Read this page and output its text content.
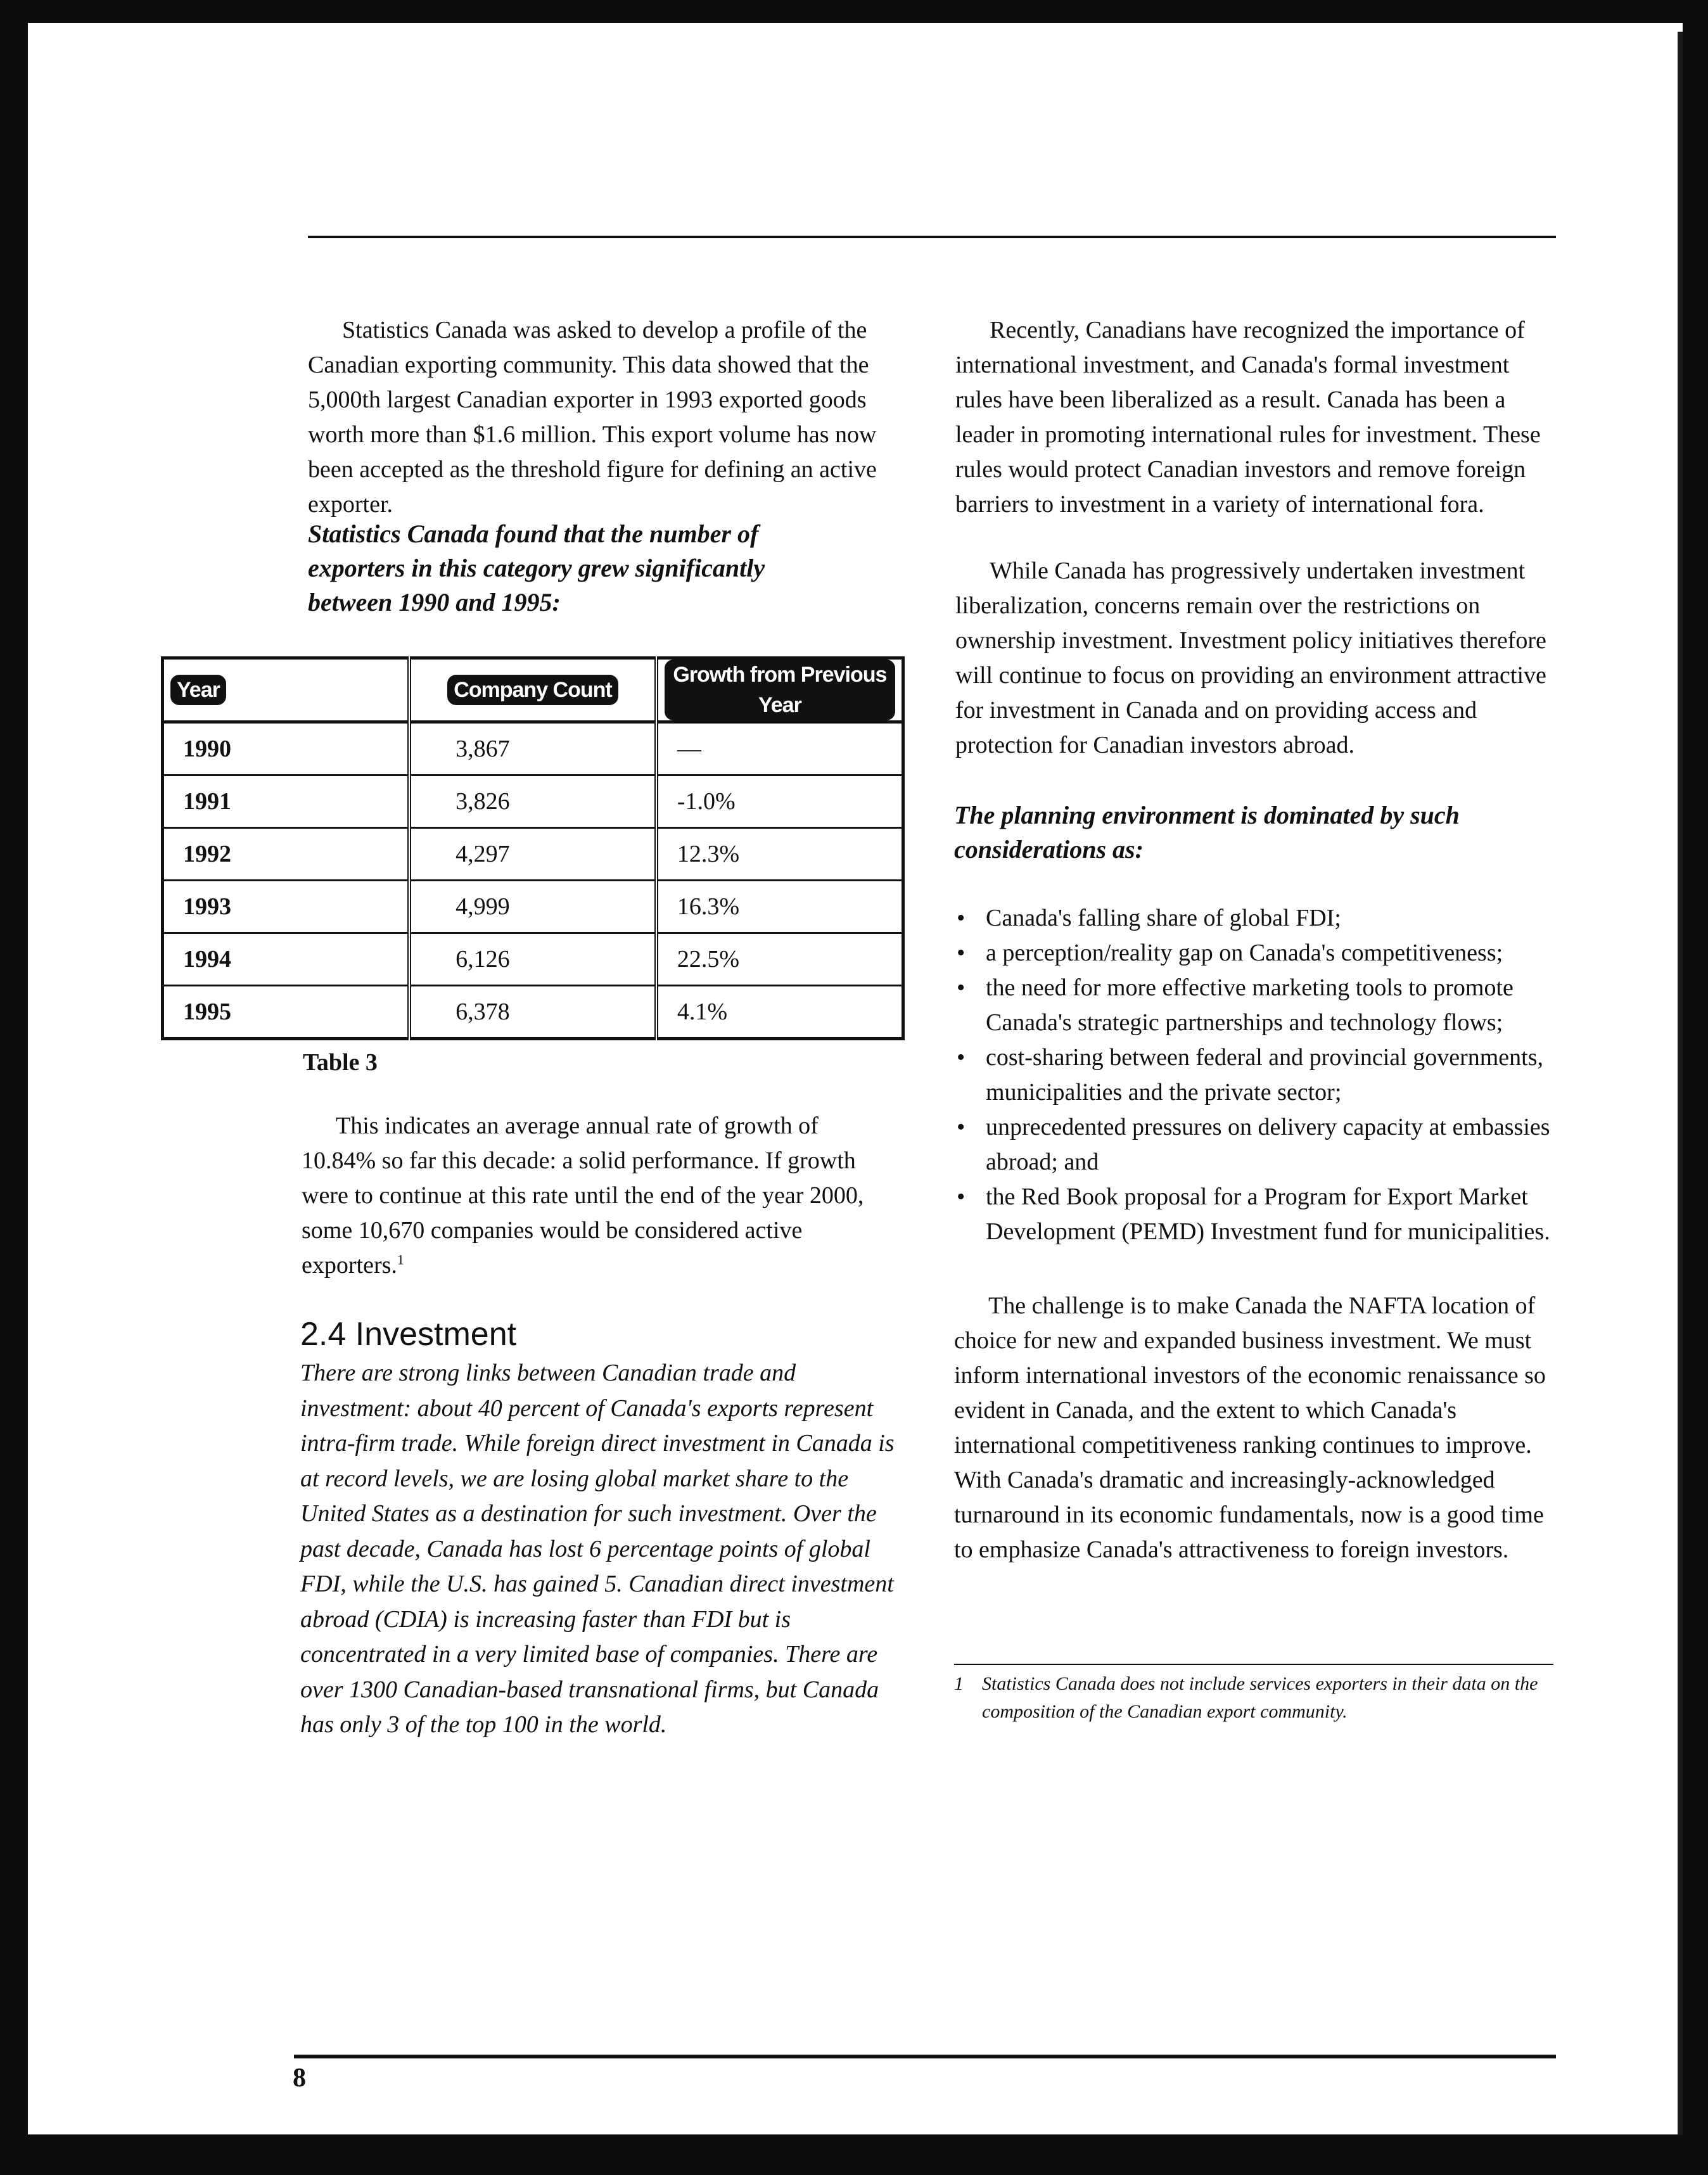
Statistics Canada was asked to develop a profile of the Canadian exporting community. This data showed that the 5,000th largest Canadian exporter in 1993 exported goods worth more than $1.6 million. This export volume has now been accepted as the threshold figure for defining an active exporter.

Statistics Canada found that the number of exporters in this category grew significantly between 1990 and 1995:
Year	Company Count	Growth from Previous Year
1990	3,867	—
1991	3,826	-1.0%
1992	4,297	12.3%
1993	4,999	16.3%
1994	6,126	22.5%
1995	6,378	4.1%
Table 3

This indicates an average annual rate of growth of 10.84% so far this decade: a solid performance. If growth were to continue at this rate until the end of the year 2000, some 10,670 companies would be considered active exporters.$^1$

2.4 Investment
There are strong links between Canadian trade and investment: about 40 percent of Canada's exports represent intra-firm trade. While foreign direct investment in Canada is at record levels, we are losing global market share to the United States as a destination for such investment. Over the past decade, Canada has lost 6 percentage points of global FDI, while the U.S. has gained 5. Canadian direct investment abroad (CDIA) is increasing faster than FDI but is concentrated in a very limited base of companies. There are over 1300 Canadian-based transnational firms, but Canada has only 3 of the top 100 in the world.

Recently, Canadians have recognized the importance of international investment, and Canada's formal investment rules have been liberalized as a result. Canada has been a leader in promoting international rules for investment. These rules would protect Canadian investors and remove foreign barriers to investment in a variety of international fora.

While Canada has progressively undertaken investment liberalization, concerns remain over the restrictions on ownership investment. Investment policy initiatives therefore will continue to focus on providing an environment attractive for investment in Canada and on providing access and protection for Canadian investors abroad.

The planning environment is dominated by such considerations as:
• Canada's falling share of global FDI;
• a perception/reality gap on Canada's competitiveness;
• the need for more effective marketing tools to promote Canada's strategic partnerships and technology flows;
• cost-sharing between federal and provincial governments, municipalities and the private sector;
• unprecedented pressures on delivery capacity at embassies abroad; and
• the Red Book proposal for a Program for Export Market Development (PEMD) Investment fund for municipalities.

The challenge is to make Canada the NAFTA location of choice for new and expanded business investment. We must inform international investors of the economic renaissance so evident in Canada, and the extent to which Canada's international competitiveness ranking continues to improve. With Canada's dramatic and increasingly-acknowledged turnaround in its economic fundamentals, now is a good time to emphasize Canada's attractiveness to foreign investors.

1 Statistics Canada does not include services exporters in their data on the composition of the Canadian export community.
8
